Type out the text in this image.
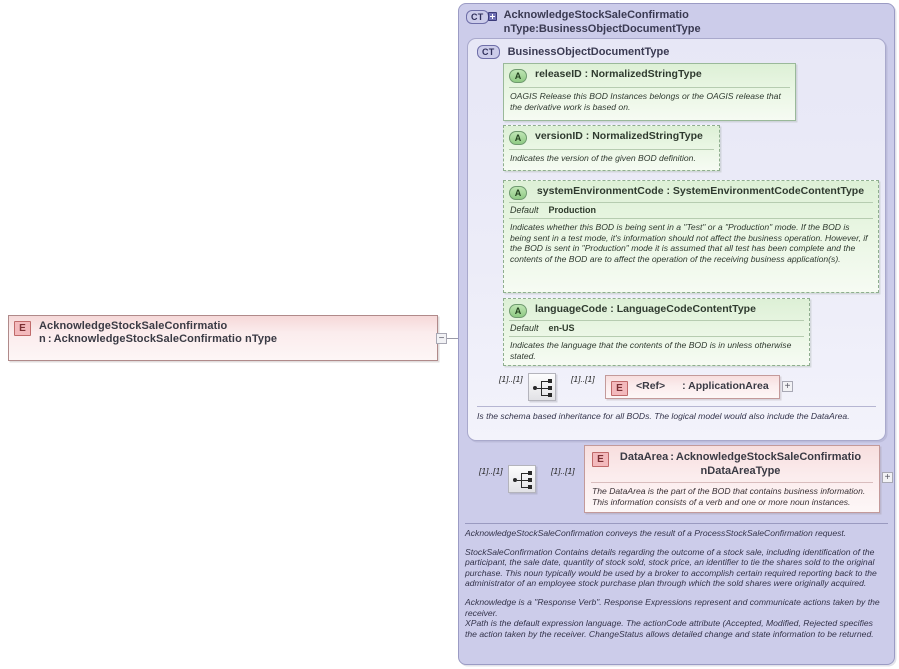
E	AcknowledgeStockSaleConfirmatio n : AcknowledgeStockSaleConfirmatio nType	−
CT	AcknowledgeStockSaleConfirmatio nType:BusinessObjectDocumentType
CT	BusinessObjectDocumentType
Is the schema based inheritance for all BODs. The logical model would also include the DataArea.
A	releaseID : NormalizedStringType
OAGIS Release this BOD Instances belongs or the OAGIS release that the derivative work is based on.
A	versionID : NormalizedStringType
Indicates the version of the given BOD definition.
A	systemEnvironmentCode : SystemEnvironmentCodeContentType
Default Production
Indicates whether this BOD is being sent in a "Test" or a "Production" mode. If the BOD is being sent in a test mode, it's information should not affect the business operation. However, if the BOD is sent in "Production" mode it is assumed that all test has been complete and the contents of the BOD are to affect the operation of the receiving business application(s).
A	languageCode : LanguageCodeContentType
Default en-US
Indicates the language that the contents of the BOD is in unless otherwise stated.
[1]..[1]	[1]..[1]
E	<Ref> : ApplicationArea +
[1]..[1]	[1]..[1]
E	DataArea : AcknowledgeStockSaleConfirmatio nDataAreaType
The DataArea is the part of the BOD that contains business information. This information consists of a verb and one or more noun instances.
+

AcknowledgeStockSaleConfirmation conveys the result of a ProcessStockSaleConfirmation request.

StockSaleConfirmation Contains details regarding the outcome of a stock sale, including identification of the participant, the sale date, quantity of stock sold, stock price, an identifier to tie the shares sold to the original purchase. This noun typically would be used by a broker to accomplish certain required reporting back to the administrator of an employee stock purchase plan through which the sold shares were originally acquired.

Acknowledge is a "Response Verb". Response Expressions represent and communicate actions taken by the receiver.

XPath is the default expression language. The actionCode attribute (Accepted, Modified, Rejected specifies the action taken by the receiver. ChangeStatus allows detailed change and state information to be returned.
